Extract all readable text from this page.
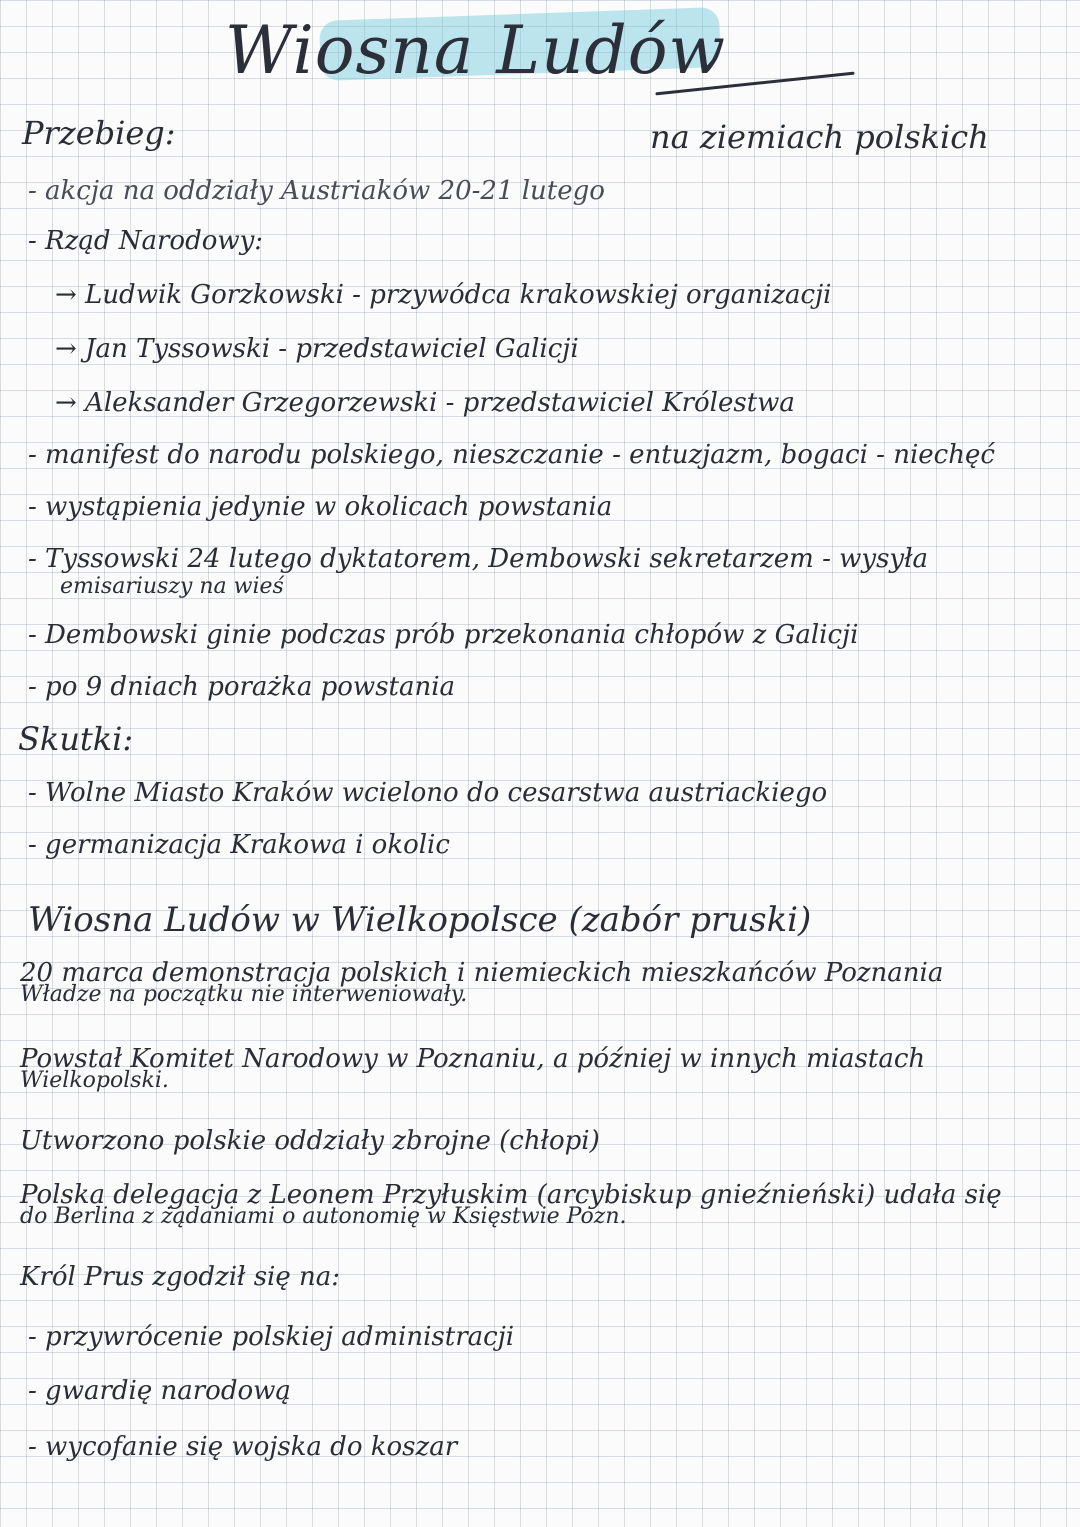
Wiosna Ludów
na ziemiach polskich
Przebieg:
- akcja na oddziały Austriaków 20-21 lutego
- Rząd Narodowy:
→ Ludwik Gorzkowski - przywódca krakowskiej organizacji
→ Jan Tyssowski - przedstawiciel Galicji
→ Aleksander Grzegorzewski - przedstawiciel Królestwa
- manifest do narodu polskiego, nieszczanie - entuzjazm, bogaci - niechęć
- wystąpienia jedynie w okolicach powstania
- Tyssowski 24 lutego dyktatorem, Dembowski sekretarzem - wysyła
emisariuszy na wieś
- Dembowski ginie podczas prób przekonania chłopów z Galicji
- po 9 dniach porażka powstania
Skutki:
- Wolne Miasto Kraków wcielono do cesarstwa austriackiego
- germanizacja Krakowa i okolic
Wiosna Ludów w Wielkopolsce (zabór pruski)
20 marca demonstracja polskich i niemieckich mieszkańców Poznania
Władze na początku nie interweniowały.
Powstał Komitet Narodowy w Poznaniu, a później w innych miastach
Wielkopolski.
Utworzono polskie oddziały zbrojne (chłopi)
Polska delegacja z Leonem Przyłuskim (arcybiskup gnieźnieński) udała się
do Berlina z żądaniami o autonomię w Księstwie Pozn.
Król Prus zgodził się na:
- przywrócenie polskiej administracji
- gwardię narodową
- wycofanie się wojska do koszar
